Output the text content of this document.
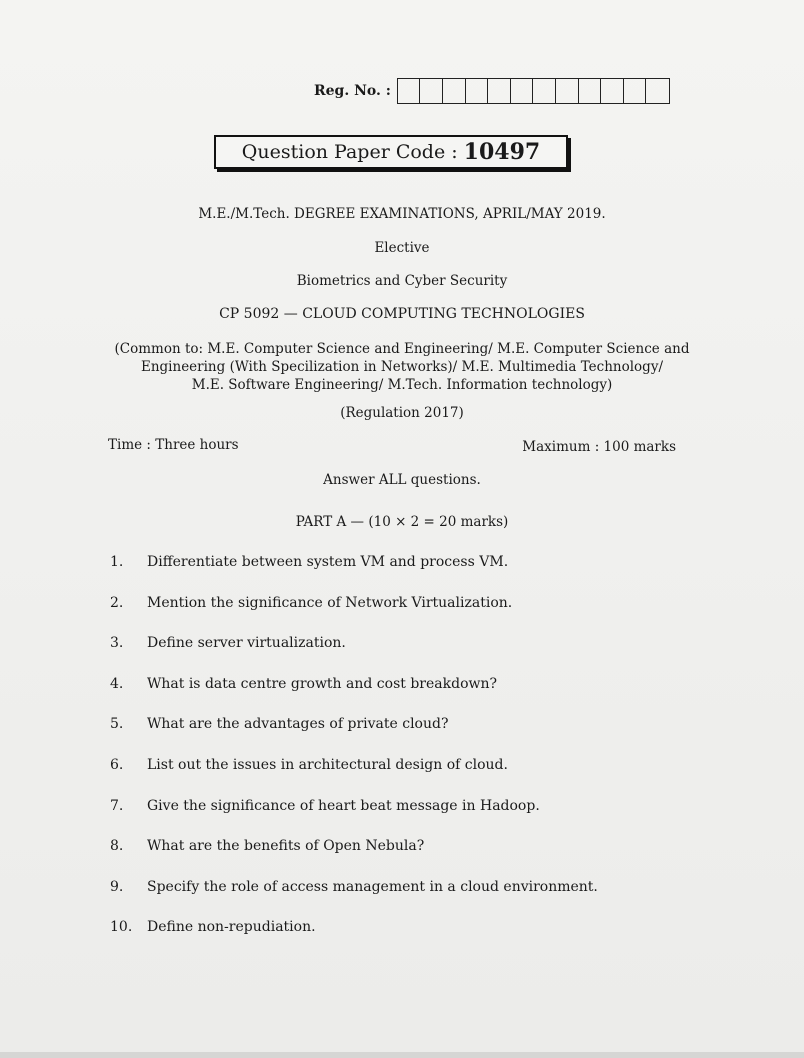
Reg. No. :
Question Paper Code : 10497
M.E./M.Tech. DEGREE EXAMINATIONS, APRIL/MAY 2019.
Elective
Biometrics and Cyber Security
CP 5092 — CLOUD COMPUTING TECHNOLOGIES
(Common to: M.E. Computer Science and Engineering/ M.E. Computer Science and
Engineering (With Specilization in Networks)/ M.E. Multimedia Technology/
M.E. Software Engineering/ M.Tech. Information technology)
(Regulation 2017)
Time : Three hours	Maximum : 100 marks
Answer ALL questions.
PART A — (10 × 2 = 20 marks)
1.	Differentiate between system VM and process VM.
2.	Mention the significance of Network Virtualization.
3.	Define server virtualization.
4.	What is data centre growth and cost breakdown?
5.	What are the advantages of private cloud?
6.	List out the issues in architectural design of cloud.
7.	Give the significance of heart beat message in Hadoop.
8.	What are the benefits of Open Nebula?
9.	Specify the role of access management in a cloud environment.
10.	Define non-repudiation.
